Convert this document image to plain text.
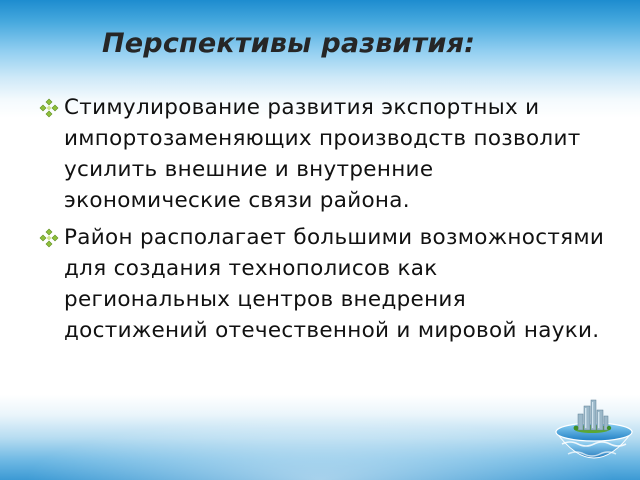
Перспективы развития:
Стимулирование развития экспортных и импортозаменяющих производств позволит усилить внешние и внутренние экономические связи района.
Район располагает большими возможностями для создания технополисов как региональных центров внедрения достижений отечественной и мировой науки.
